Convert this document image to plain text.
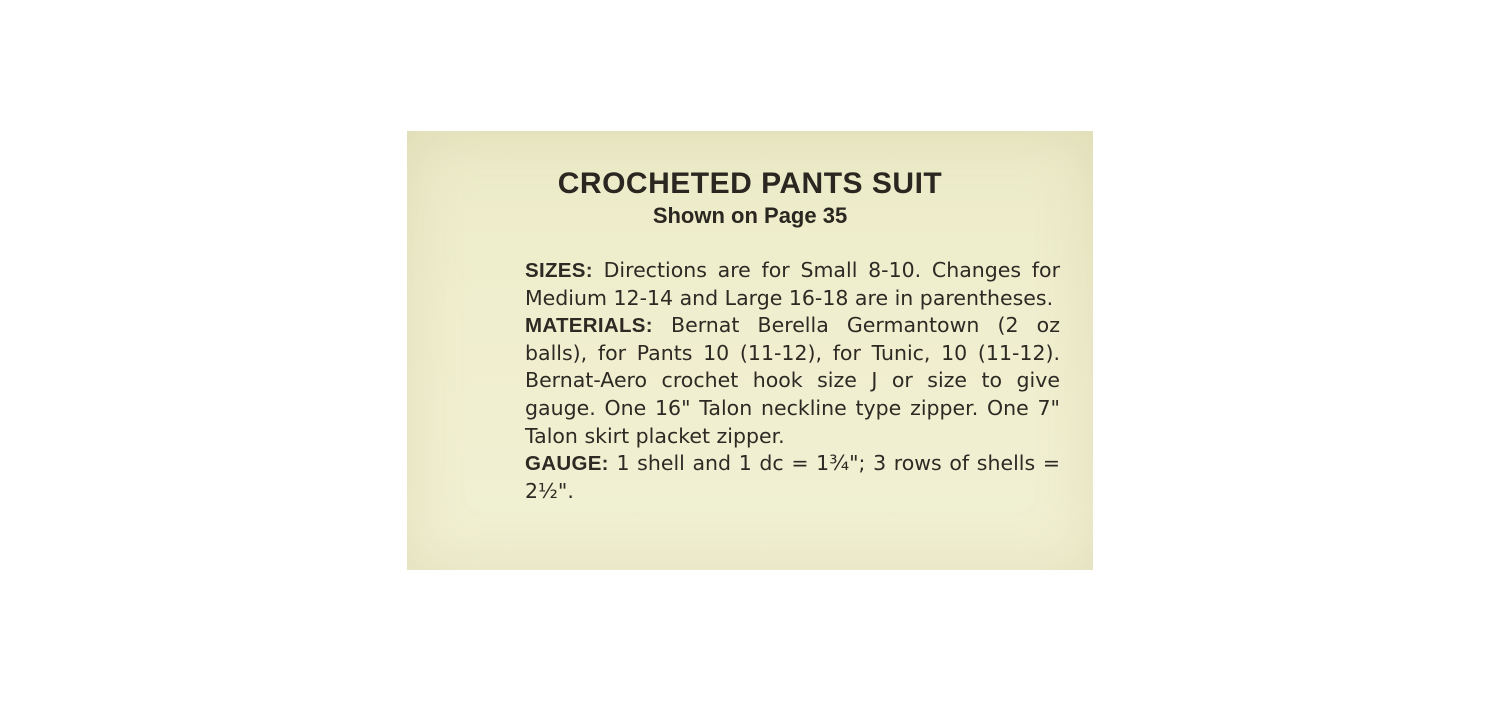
CROCHETED PANTS SUIT
Shown on Page 35

SIZES: Directions are for Small 8-10. Changes for Medium 12-14 and Large 16-18 are in parentheses.

MATERIALS: Bernat Berella Germantown (2 oz balls), for Pants 10 (11-12), for Tunic, 10 (11-12). Bernat-Aero crochet hook size J or size to give gauge. One 16" Talon neckline type zipper. One 7" Talon skirt placket zipper.

GAUGE: 1 shell and 1 dc = 1¾"; 3 rows of shells = 2½".
